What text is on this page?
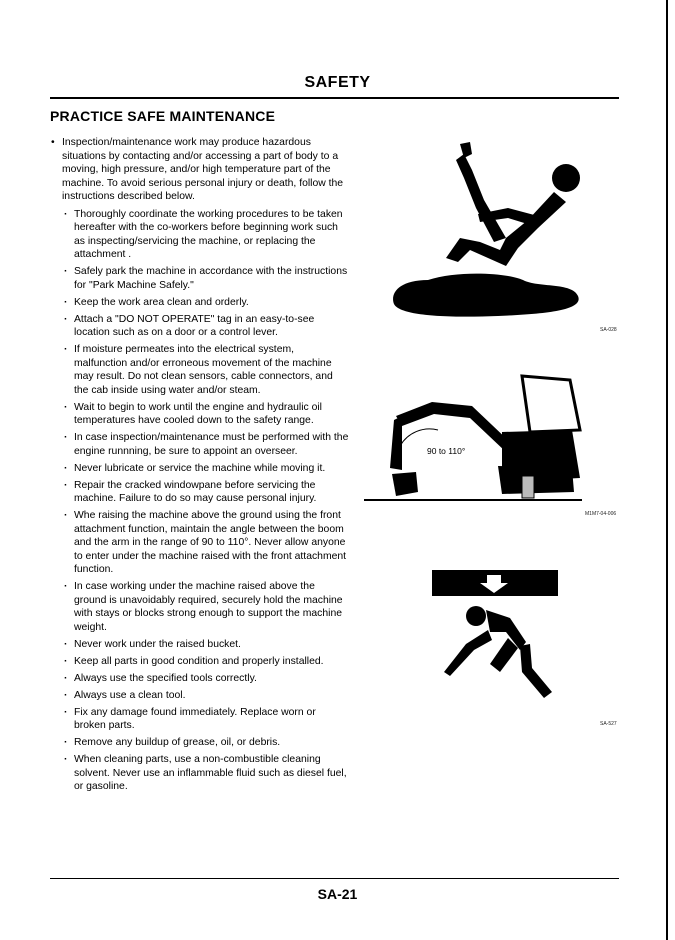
SAFETY
PRACTICE SAFE MAINTENANCE
• Inspection/maintenance work may produce hazardous situations by contacting and/or accessing a part of body to a moving, high pressure, and/or high temperature part of the machine. To avoid serious personal injury or death, follow the instructions described below.
· Thoroughly coordinate the working procedures to be taken hereafter with the co-workers before beginning work such as inspecting/servicing the machine, or replacing the attachment .
· Safely park the machine in accordance with the instructions for "Park Machine Safely."
· Keep the work area clean and orderly.
· Attach a "DO NOT OPERATE" tag in an easy-to-see location such as on a door or a control lever.
· If moisture permeates into the electrical system, malfunction and/or erroneous movement of the machine may result. Do not clean sensors, cable connectors, and the cab inside using water and/or steam.
· Wait to begin to work until the engine and hydraulic oil temperatures have cooled down to the safety range.
· In case inspection/maintenance must be performed with the engine runnning, be sure to appoint an overseer.
· Never lubricate or service the machine while moving it.
· Repair the cracked windowpane before servicing the machine. Failure to do so may cause personal injury.
· Whe raising the machine above the ground using the front attachment function, maintain the angle between the boom and the arm in the range of 90 to 110°. Never allow anyone to enter under the machine raised with the front attachment function.
· In case working under the machine raised above the ground is unavoidably required, securely hold the machine with stays or blocks strong enough to support the machine weight.
· Never work under the raised bucket.
· Keep all parts in good condition and properly installed.
· Always use the specified tools correctly.
· Always use a clean tool.
· Fix any damage found immediately. Replace worn or broken parts.
· Remove any buildup of grease, oil, or debris.
· When cleaning parts, use a non-combustible cleaning solvent. Never use an inflammable fluid such as diesel fuel, or gasoline.
SA-028
90 to 110°
M1M7-04-006
SA-527
SA-21
